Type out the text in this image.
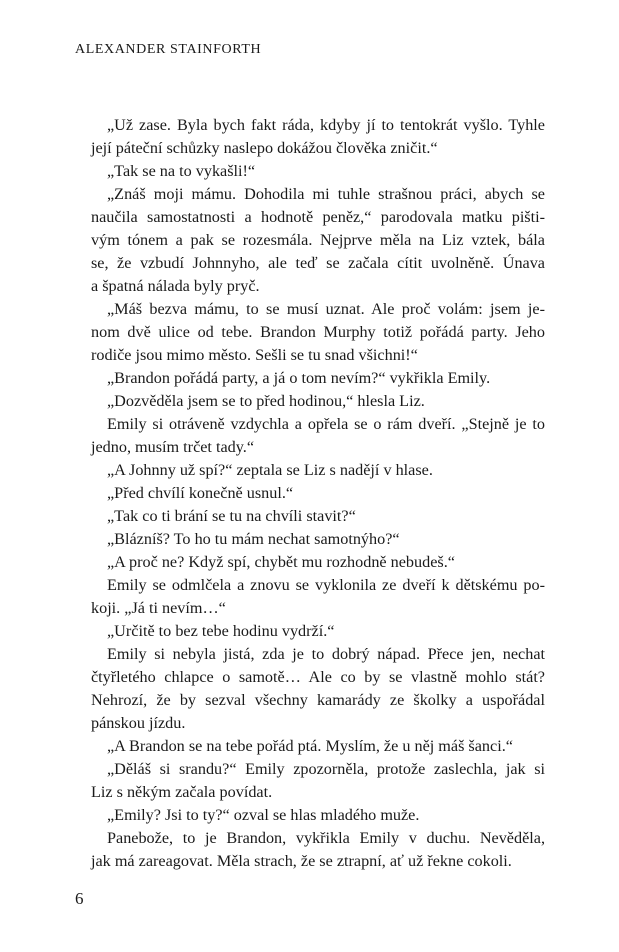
ALEXANDER STAINFORTH
„Už zase. Byla bych fakt ráda, kdyby jí to tentokrát vyšlo. Tyhle
její páteční schůzky naslepo dokážou člověka zničit.“
„Tak se na to vykašli!“
„Znáš moji mámu. Dohodila mi tuhle strašnou práci, abych se
naučila samostatnosti a hodnotě peněz,“ parodovala matku pišti-
vým tónem a pak se rozesmála. Nejprve měla na Liz vztek, bála
se, že vzbudí Johnnyho, ale teď se začala cítit uvolněně. Únava
a špatná nálada byly pryč.
„Máš bezva mámu, to se musí uznat. Ale proč volám: jsem je-
nom dvě ulice od tebe. Brandon Murphy totiž pořádá party. Jeho
rodiče jsou mimo město. Sešli se tu snad všichni!“
„Brandon pořádá party, a já o tom nevím?“ vykřikla Emily.
„Dozvěděla jsem se to před hodinou,“ hlesla Liz.
Emily si otráveně vzdychla a opřela se o rám dveří. „Stejně je to
jedno, musím trčet tady.“
„A Johnny už spí?“ zeptala se Liz s nadějí v hlase.
„Před chvílí konečně usnul.“
„Tak co ti brání se tu na chvíli stavit?“
„Blázníš? To ho tu mám nechat samotnýho?“
„A proč ne? Když spí, chybět mu rozhodně nebudeš.“
Emily se odmlčela a znovu se vyklonila ze dveří k dětskému po-
koji. „Já ti nevím…“
„Určitě to bez tebe hodinu vydrží.“
Emily si nebyla jistá, zda je to dobrý nápad. Přece jen, nechat
čtyřletého chlapce o samotě… Ale co by se vlastně mohlo stát?
Nehrozí, že by sezval všechny kamarády ze školky a uspořádal
pánskou jízdu.
„A Brandon se na tebe pořád ptá. Myslím, že u něj máš šanci.“
„Děláš si srandu?“ Emily zpozorněla, protože zaslechla, jak si
Liz s někým začala povídat.
„Emily? Jsi to ty?“ ozval se hlas mladého muže.
Panebože, to je Brandon, vykřikla Emily v duchu. Nevěděla,
jak má zareagovat. Měla strach, že se ztrapní, ať už řekne cokoli.
6
